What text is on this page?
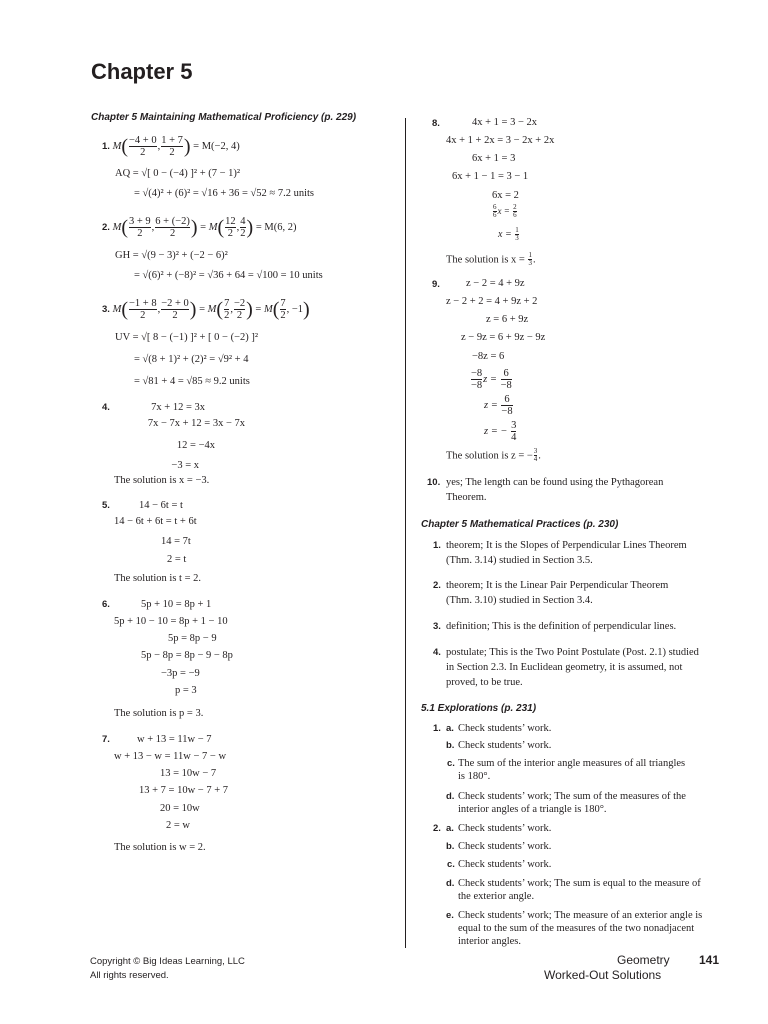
Chapter 5
Chapter 5 Maintaining Mathematical Proficiency (p. 229)
1. $M( \frac{-4 + 0}{2}$ , $\frac{1 + 7}{2}$ ) = M(−2, 4)
AQ = √[ 0 − (−4) ]² + (7 − 1)²
= √(4)² + (6)² = √16 + 36 = √52 ≈ 7.2 units
2. $M( \frac{3 + 9}{2}$ , $\frac{6 + (-2)}{2}$ ) = $M( \frac{12}{2}$ , $\frac{4}{2}$ ) = M(6, 2)
GH = √(9 − 3)² + (−2 − 6)²
= √(6)² + (−8)² = √36 + 64 = √100 = 10 units
3. $M( \frac{-1 + 8}{2}$ , $\frac{-2 + 0}{2}$ ) = $M( \frac{7}{2}$ , $\frac{-2}{2}$ ) = $M( \frac{7}{2}$ , −1)
UV = √[ 8 − (−1) ]² + [ 0 − (−2) ]²
= √(8 + 1)² + (2)² = √9² + 4
= √81 + 4 = √85 ≈ 9.2 units
4.	7x + 12 = 3x
7x − 7x + 12 = 3x − 7x
12 = −4x
−3 = x
The solution is x = −3.
5.	14 − 6t = t
14 − 6t + 6t = t + 6t
14 = 7t
2 = t
The solution is t = 2.
6.	5p + 10 = 8p + 1
5p + 10 − 10 = 8p + 1 − 10
5p = 8p − 9
5p − 8p = 8p − 9 − 8p
−3p = −9
p = 3
The solution is p = 3.
7.	w + 13 = 11w − 7
w + 13 − w = 11w − 7 − w
13 = 10w − 7
13 + 7 = 10w − 7 + 7
20 = 10w
2 = w
The solution is w = 2.
8.	4x + 1 = 3 − 2x
4x + 1 + 2x = 3 − 2x + 2x
6x + 1 = 3
6x + 1 − 1 = 3 − 1
6x = 2
$\frac{6}{6}$ $x = \frac{2}{6}$
$x = \frac{1}{3}$
The solution is $x = \frac{1}{3}$ .
9.	z − 2 = 4 + 9z
z − 2 + 2 = 4 + 9z + 2
z = 6 + 9z
z − 9z = 6 + 9z − 9z
−8z = 6
$\frac{-8}{-8}$ $z = \frac{6}{-8}$
$z = \frac{6}{-8}$
z = − $\frac{3}{4}$
The solution is z = − $\frac{3}{4}$ .
10. yes; The length can be found using the Pythagorean
Theorem.
Chapter 5 Mathematical Practices (p. 230)
1. theorem; It is the Slopes of Perpendicular Lines Theorem
(Thm. 3.14) studied in Section 3.5.
2. theorem; It is the Linear Pair Perpendicular Theorem
(Thm. 3.10) studied in Section 3.4.
3. definition; This is the definition of perpendicular lines.
4. postulate; This is the Two Point Postulate (Post. 2.1) studied
in Section 2.3. In Euclidean geometry, it is assumed, not
proved, to be true.
5.1 Explorations (p. 231)
1. a. Check students’ work.
b. Check students’ work.
c. The sum of the interior angle measures of all triangles
is 180°.
d. Check students’ work; The sum of the measures of the
interior angles of a triangle is 180°.
2. a. Check students’ work.
b. Check students’ work.
c. Check students’ work.
d. Check students’ work; The sum is equal to the measure of
the exterior angle.
e. Check students’ work; The measure of an exterior angle is
equal to the sum of the measures of the two nonadjacent
interior angles.
Copyright © Big Ideas Learning, LLC
All rights reserved.
Geometry 141
Worked-Out Solutions
